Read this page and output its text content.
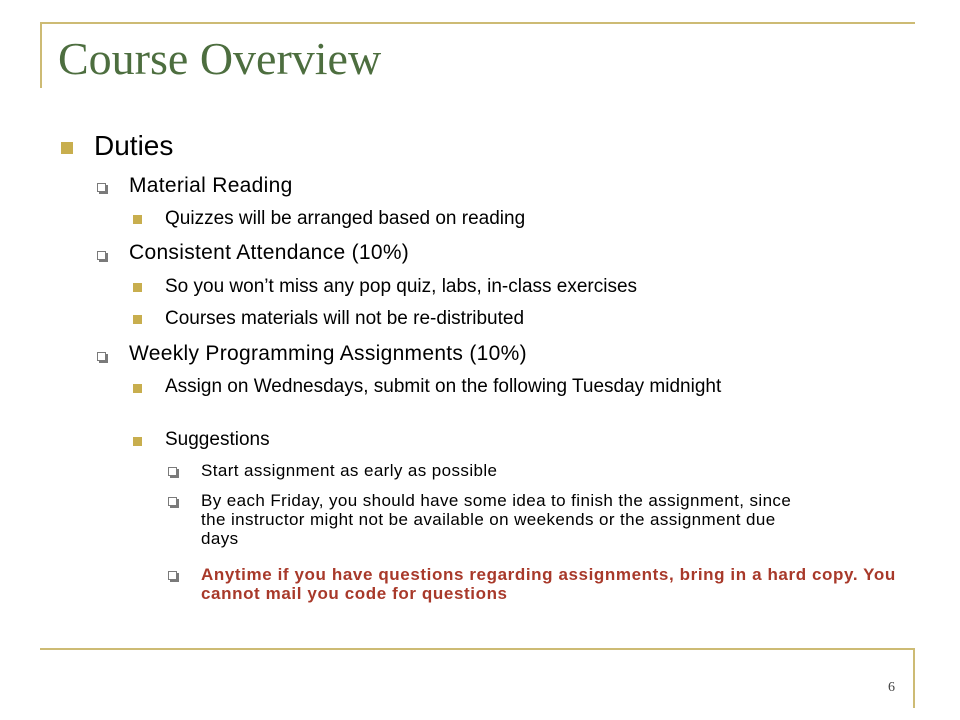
Course Overview

Duties

Material Reading

Quizzes will be arranged based on reading

Consistent Attendance (10%)

So you won’t miss any pop quiz, labs, in-class exercises

Courses materials will not be re-distributed

Weekly Programming Assignments (10%)

Assign on Wednesdays, submit on the following Tuesday midnight

Suggestions

Start assignment as early as possible

By each Friday, you should have some idea to finish the assignment, since the instructor might not be available on weekends or the assignment due days

Anytime if you have questions regarding assignments, bring in a hard copy. You cannot mail you code for questions

6
